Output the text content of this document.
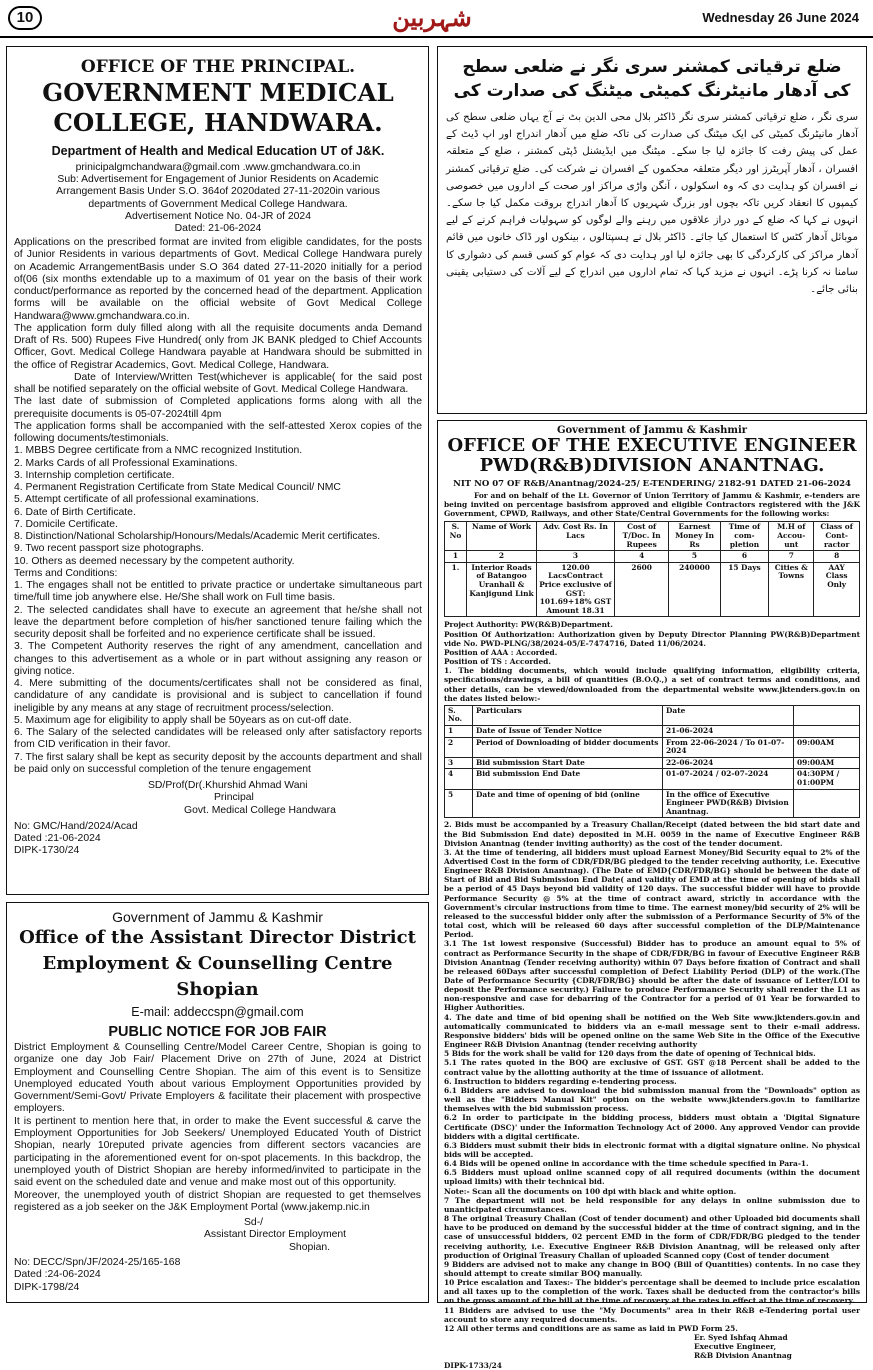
10	شہربین	Wednesday 26 June 2024
OFFICE OF THE PRINCIPAL.
GOVERNMENT MEDICAL
COLLEGE, HANDWARA.
Department of Health and Medical Education UT of J&K.
prinicipalgmchandwara@gmail.com .www.gmchandwara.co.in
Sub: Advertisement for Engagement of Junior Residents on Academic
Arrangement Basis Under S.O. 364of 2020dated 27-11-2020in various
departments of Government Medical College Handwara.
Advertisement Notice No. 04-JR of 2024
Dated: 21-06-2024
Applications on the prescribed format are invited from eligible candidates, for the posts of Junior Residents in various departments of Govt. Medical College Handwara purely on Academic ArrangementBasis under S.O 364 dated 27-11-2020 initially for a period of(06 (six months extendable up to a maximum of 01 year on the basis of their work conduct/performance as reported by the concerned head of the department. Application forms will be available on the official website of Govt Medical College Handwara@www.gmchandwara.co.in.
The application form duly filled along with all the requisite documents anda Demand Draft of Rs. 500) Rupees Five Hundred( only from JK BANK pledged to Chief Accounts Officer, Govt. Medical College Handwara payable at Handwara should be submitted in the office of Registrar Academics, Govt. Medical College, Handwara.
Date of Interview/Written Test(whichever is applicable( for the said post shall be notified separately on the official website of Govt. Medical College Handwara.
The last date of submission of Completed applications forms along with all the prerequisite documents is 05-07-2024till 4pm
The application forms shall be accompanied with the self-attested Xerox copies of the following documents/testimonials.
1. MBBS Degree certificate from a NMC recognized Institution.
2. Marks Cards of all Professional Examinations.
3. Internship completion certificate.
4. Permanent Registration Certificate from State Medical Council/ NMC
5. Attempt certificate of all professional examinations.
6. Date of Birth Certificate.
7. Domicile Certificate.
8. Distinction/National Scholarship/Honours/Medals/Academic Merit certificates.
9. Two recent passport size photographs.
10. Others as deemed necessary by the competent authority.
Terms and Conditions:
1. The engages shall not be entitled to private practice or undertake simultaneous part time/full time job anywhere else. He/She shall work on Full time basis.
2. The selected candidates shall have to execute an agreement that he/she shall not leave the department before completion of his/her sanctioned tenure failing which the security deposit shall be forfeited and no experience certificate shall be issued.
3. The Competent Authority reserves the right of any amendment, cancellation and changes to this advertisement as a whole or in part without assigning any reason or giving notice.
4. Mere submitting of the documents/certificates shall not be considered as final, candidature of any candidate is provisional and is subject to cancellation if found ineligible by any means at any stage of recruitment process/selection.
5. Maximum age for eligibility to apply shall be 50years as on cut-off date.
6. The Salary of the selected candidates will be released only after satisfactory reports from CID verification in their favor.
7. The first salary shall be kept as security deposit by the accounts department and shall be paid only on successful completion of the tenure engagement
SD/Prof(Dr(.Khurshid Ahmad Wani
Principal
Govt. Medical College Handwara
No: GMC/Hand/2024/Acad
Dated :21-06-2024
DIPK-1730/24
Government of Jammu & Kashmir
Office of the Assistant Director District
Employment & Counselling Centre Shopian
E-mail: addeccspn@gmail.com
PUBLIC NOTICE FOR JOB FAIR
District Employment & Counselling Centre/Model Career Centre, Shopian is going to organize one day Job Fair/ Placement Drive on 27th of June, 2024 at District Employment and Counselling Centre Shopian. The aim of this event is to Sensitize Unemployed educated Youth about various Employment Opportunities provided by Government/Semi-Govt/ Private Employers & facilitate their placement with prospective employers.
It is pertinent to mention here that, in order to make the Event successful & carve the Employment Opportunities for Job Seekers/ Unemployed Educated Youth of District Shopian, nearly 10reputed private agencies from different sectors vacancies are participating in the aforementioned event for on-spot placements. In this backdrop, the unemployed youth of District Shopian are hereby informed/invited to participate in the said event on the scheduled date and venue and make most out of this opportunity.
Moreover, the unemployed youth of district Shopian are requested to get themselves registered as a job seeker on the J&K Employment Portal (www.jakemp.nic.in
Sd-/
Assistant Director Employment
Shopian.
No: DECC/Spn/JF/2024-25/165-168
Dated :24-06-2024
DIPK-1798/24
ضلع ترقیاتی کمشنر سری نگر نے ضلعی سطح کی آدھار مانیٹرنگ کمیٹی میٹنگ کی صدارت کی
سری نگر ، ضلع ترقیاتی کمشنر سری نگر ڈاکٹر بلال محی الدین بٹ نے آج یہاں ضلعی سطح کی آدھار مانیٹرنگ کمیٹی کی ایک میٹنگ کی صدارت کی تاکہ ضلع میں آدھار اندراج اور اپ ڈیٹ کے عمل کی پیش رفت کا جائزہ لیا جا سکے۔ میٹنگ میں ایڈیشنل ڈپٹی کمشنر ، ضلع کے متعلقہ افسران ، آدھار آپریٹرز اور دیگر متعلقہ محکموں کے افسران نے شرکت کی۔ ضلع ترقیاتی کمشنر نے افسران کو ہدایت دی کہ وہ اسکولوں ، آنگن واڑی مراکز اور صحت کے اداروں میں خصوصی کیمپوں کا انعقاد کریں تاکہ بچوں اور بزرگ شہریوں کا آدھار اندراج بروقت مکمل کیا جا سکے۔ انہوں نے کہا کہ ضلع کے دور دراز علاقوں میں رہنے والے لوگوں کو سہولیات فراہم کرنے کے لیے موبائل آدھار کٹس کا استعمال کیا جائے۔ ڈاکٹر بلال نے ہسپتالوں ، بینکوں اور ڈاک خانوں میں قائم آدھار مراکز کی کارکردگی کا بھی جائزہ لیا اور ہدایت دی کہ عوام کو کسی قسم کی دشواری کا سامنا نہ کرنا پڑے۔ انہوں نے مزید کہا کہ تمام اداروں میں اندراج کے لیے آلات کی دستیابی یقینی بنائی جائے۔
Government of Jammu & Kashmir
OFFICE OF THE EXECUTIVE ENGINEER
PWD(R&B)DIVISION ANANTNAG.
NIT NO 07 OF R&B/Anantnag/2024-25/ E-TENDERING/ 2182-91 DATED 21-06-2024
For and on behalf of the Lt. Governor of Union Territory of Jammu & Kashmir, e-tenders are being invited on percentage basisfrom approved and eligible Contractors registered with the J&K Government, CPWD, Railways, and other State/Central Governments for the following works:
S. No	Name of Work	Adv. Cost Rs. In Lacs	Cost of T/Doc. In Rupees	Earnest Money In Rs	Time of com-pletion	M.H of Accou-unt	Class of Cont-ractor
1	2	3	4	5	6	7	8
1.	Interior Roads of Batangoo Uranhall & Kanjigund Link	120.00 LacsContract Price exclusive of GST: 101.69+18% GST Amount 18.31	2600	240000	15 Days	Cities & Towns	AAY Class Only
Project Authority: PW(R&B)Department.
Position Of Authorization: Authorization given by Deputy Director Planning PW(R&B)Department vide No. PWD-PLNG/38/2024-05/E-7474716, Dated 11/06/2024.
Position of AAA : Accorded.
Position of TS : Accorded.
1. The bidding documents, which would include qualifying information, eligibility criteria, specifications/drawings, a bill of quantities (B.O.Q.,) a set of contract terms and conditions, and other details, can be viewed/downloaded from the departmental website www.jktenders.gov.in on the dates listed below:-
S. No.	Particulars	Date	
1	Date of Issue of Tender Notice	21-06-2024	
2	Period of Downloading of bidder documents	From 22-06-2024 / To 01-07-2024	09:00AM
3	Bid submission Start Date	22-06-2024	09:00AM
4	Bid submission End Date	01-07-2024 / 02-07-2024	04:30PM / 01:00PM
5	Date and time of opening of bid (online	In the office of Executive Engineer PWD(R&B) Division Anantnag.	
2. Bids must be accompanied by a Treasury Challan/Receipt (dated between the bid start date and the Bid Submission End date) deposited in M.H. 0059 in the name of Executive Engineer R&B Division Anantnag (tender inviting authority) as the cost of the tender document.
3. At the time of tendering, all bidders must upload Earnest Money/Bid Security equal to 2% of the Advertised Cost in the form of CDR/FDR/BG pledged to the tender receiving authority, i.e. Executive Engineer R&B Division Anantnag). (The Date of EMD{CDR/FDR/BG} should be between the date of Start of Bid and Bid Submission End Date( and validity of EMD at the time of opening of bids shall be a period of 45 Days beyond bid validity of 120 days. The successful bidder will have to provide Performance Security @ 5% at the time of contract award, strictly in accordance with the Government's circular instructions from time to time. The earnest money/bid security of 2% will be released to the successful bidder only after the submission of a Performance Security of 5% of the total cost, which will be released 60 days after successful completion of the DLP/Maintenance Period.
3.1 The 1st lowest responsive (Successful) Bidder has to produce an amount equal to 5% of contract as Performance Security in the shape of CDR/FDR/BG in favour of Executive Engineer R&B Division Anantnag (Tender receiving authority) within 07 Days before fixation of Contract and shall be released 60Days after successful completion of Defect Liability Period (DLP) of the work.(The Date of Performance Security {CDR/FDR/BG} should be after the date of issuance of Letter/LOI to deposit the Performance security.) Failure to produce Performance Security shall render the L1 as non-responsive and case for debarring of the Contractor for a period of 01 Year be forwarded to Higher Authorities.
4. The date and time of bid opening shall be notified on the Web Site www.jktenders.gov.in and automatically communicated to bidders via an e-mail message sent to their e-mail address. Responsive bidders' bids will be opened online on the same Web Site in the Office of the Executive Engineer R&B Division Anantnag (tender receiving authority
5 Bids for the work shall be valid for 120 days from the date of opening of Technical bids.
5.1 The rates quoted in the BOQ are exclusive of GST. GST @18 Percent shall be added to the contract value by the allotting authority at the time of issuance of allotment.
6. Instruction to bidders regarding e-tendering process.
6.1 Bidders are advised to download the bid submission manual from the "Downloads" option as well as the "Bidders Manual Kit" option on the website www.jktenders.gov.in to familiarize themselves with the bid submission process.
6.2 In order to participate in the bidding process, bidders must obtain a 'Digital Signature Certificate (DSC)' under the Information Technology Act of 2000. Any approved Vendor can provide bidders with a digital certificate.
6.3 Bidders must submit their bids in electronic format with a digital signature online. No physical bids will be accepted.
6.4 Bids will be opened online in accordance with the time schedule specified in Para-1.
6.5 Bidders must upload online scanned copy of all required documents (within the document upload limits) with their technical bid.
Note:- Scan all the documents on 100 dpi with black and white option.
7 The department will not be held responsible for any delays in online submission due to unanticipated circumstances.
8 The original Treasury Challan (Cost of tender document) and other Uploaded bid documents shall have to be produced on demand by the successful bidder at the time of contract signing, and in the case of unsuccessful bidders, 02 percent EMD in the form of CDR/FDR/BG pledged to the tender receiving authority, i.e. Executive Engineer R&B Division Anantnag, will be released only after production of Original Treasury Challan of uploaded Scanned copy (Cost of tender document
9 Bidders are advised not to make any change in BOQ (Bill of Quantities) contents. In no case they should attempt to create similar BOQ manually.
10 Price escalation and Taxes:- The bidder's percentage shall be deemed to include price escalation and all taxes up to the completion of the work. Taxes shall be deducted from the contractor's bills on the gross amount of the bill at the time of recovery at the rates in effect at the time of recovery.
11 Bidders are advised to use the "My Documents" area in their R&B e-Tendering portal user account to store any required documents.
12 All other terms and conditions are as same as laid in PWD Form 25.
Er. Syed Ishfaq Ahmad
Executive Engineer,
R&B Division Anantnag
DIPK-1733/24
